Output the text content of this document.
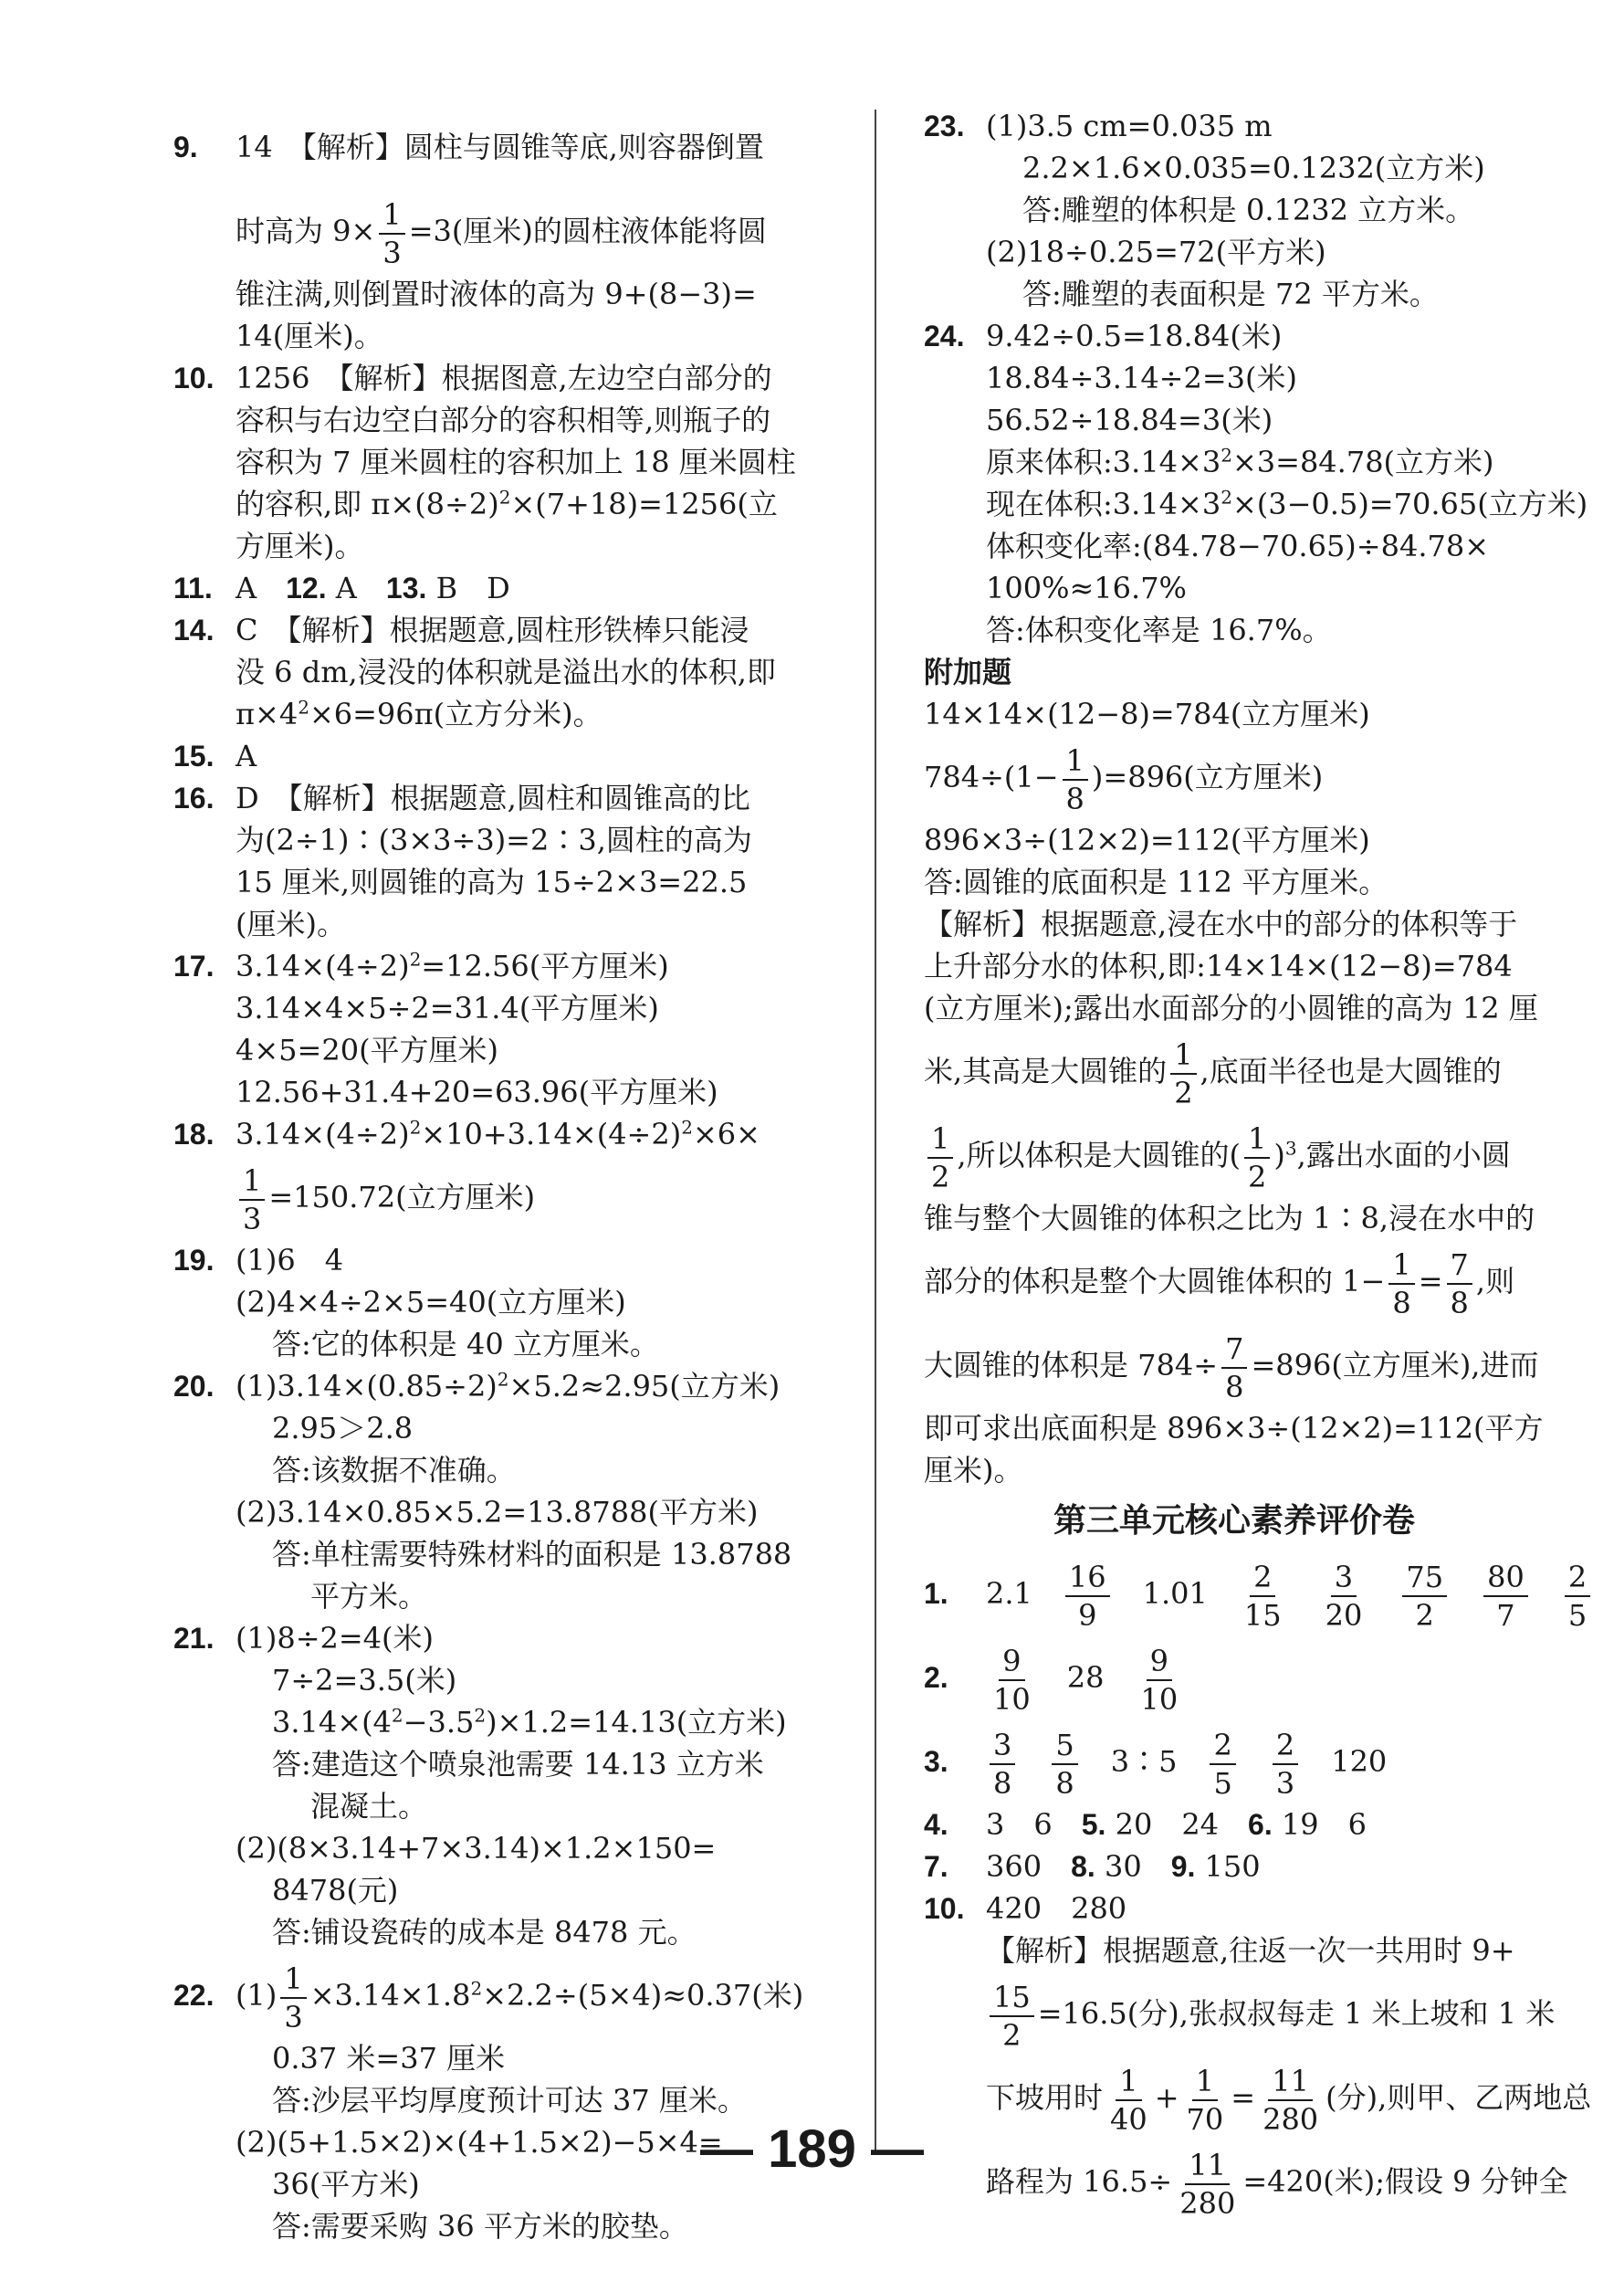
9. 14　【解析】圆柱与圆锥等底,则容器倒置
时高为 $9\times \frac{1}{3} =3$(厘米)的圆柱液体能将圆
锥注满,则倒置时液体的高为 9+(8−3)=
14(厘米)。
10. 1256　【解析】根据图意,左边空白部分的
容积与右边空白部分的容积相等,则瓶子的
容积为 7 厘米圆柱的容积加上 18 厘米圆柱
的容积,即 $\pi\times(8\div 2)^2\times(7+18)=1256$(立
方厘米)。
11. A　12. A　13. B　D
14. C　【解析】根据题意,圆柱形铁棒只能浸
没 6 dm,浸没的体积就是溢出水的体积,即
$\pi\times 4^2\times 6=96\pi$(立方分米)。
15. A
16. D　【解析】根据题意,圆柱和圆锥高的比
为(2÷1)∶(3×3÷3)=2∶3,圆柱的高为
15 厘米,则圆锥的高为 15÷2×3=22.5
(厘米)。
17. $3.14\times(4\div 2)^2=12.56$(平方厘米)
3.14×4×5÷2=31.4(平方厘米)
4×5=20(平方厘米)
12.56+31.4+20=63.96(平方厘米)
18. $3.14\times(4\div 2)^2\times 10+3.14\times(4\div 2)^2\times 6\times$
$\frac{1}{3} =150.72$(立方厘米)
19. (1)6　4
(2)4×4÷2×5=40(立方厘米)
答:它的体积是 40 立方厘米。
20. $(1)3.14\times(0.85\div 2)^2\times 5.2\approx 2.95$(立方米)
2.95＞2.8
答:该数据不准确。
(2)3.14×0.85×5.2=13.8788(平方米)
答:单柱需要特殊材料的面积是 13.8788
平方米。
21. (1)8÷2=4(米)
7÷2=3.5(米)
$3.14\times(4^2-3.5^2)\times 1.2=14.13$(立方米)
答:建造这个喷泉池需要 14.13 立方米
混凝土。
(2)(8×3.14+7×3.14)×1.2×150=
8478(元)
答:铺设瓷砖的成本是 8478 元。
22. $(1) \frac{1}{3} \times 3.14\times 1.8^2\times 2.2\div(5\times 4)\approx 0.37$(米)
0.37 米=37 厘米
答:沙层平均厚度预计可达 37 厘米。
(2)(5+1.5×2)×(4+1.5×2)−5×4=
36(平方米)
答:需要采购 36 平方米的胶垫。
23. (1)3.5 cm=0.035 m
2.2×1.6×0.035=0.1232(立方米)
答:雕塑的体积是 0.1232 立方米。
(2)18÷0.25=72(平方米)
答:雕塑的表面积是 72 平方米。
24. 9.42÷0.5=18.84(米)
18.84÷3.14÷2=3(米)
56.52÷18.84=3(米)
原来体积$:3.14\times 3^2\times 3=84.78$(立方米)
现在体积$:3.14\times 3^2\times(3-0.5)=70.65$(立方米)
体积变化率:(84.78−70.65)÷84.78×
100%≈16.7%
答:体积变化率是 16.7%。
附加题
14×14×(12−8)=784(立方厘米)
$784\div(1- \frac{1}{8} )=896$(立方厘米)
896×3÷(12×2)=112(平方厘米)
答:圆锥的底面积是 112 平方厘米。
【解析】根据题意,浸在水中的部分的体积等于
上升部分水的体积,即:14×14×(12−8)=784
(立方厘米);露出水面部分的小圆锥的高为 12 厘
米,其高是大圆锥的 $\frac{1}{2}$ ,底面半径也是大圆锥的
$\frac{1}{2}$ ,所以体积是大圆锥的( $\frac{1}{2} )^3$,露出水面的小圆
锥与整个大圆锥的体积之比为 1∶8,浸在水中的
部分的体积是整个大圆锥体积的 $1- \frac{1}{8} = \frac{7}{8}$ ,则
大圆锥的体积是 $784\div \frac{7}{8} =896$(立方厘米),进而
即可求出底面积是 896×3÷(12×2)=112(平方
厘米)。
第三单元核心素养评价卷
1. 2.1　 $\frac{16}{9}$ 　1.01　 $\frac{2}{15}$
　 $\frac{3}{20}$
　 $\frac{75}{2}$
　 $\frac{80}{7}$
　 $\frac{2}{5}$
2. $\frac{9}{10}$ 　28　 $\frac{9}{10}$
3. $\frac{3}{8}$
　 $\frac{5}{8}$ 　3∶5　 $\frac{2}{5}$
　 $\frac{2}{3}$ 　120
4. 3　6　5. 20　24　6. 19　6
7. 360　8. 30　9. 150
10. 420　280
【解析】根据题意,往返一次一共用时 9+
$\frac{15}{2} =16.5$(分),张叔叔每走 1 米上坡和 1 米
下坡用时 $\frac{1}{40} + \frac{1}{70} = \frac{11}{280}$ (分),则甲、乙两地总
路程为 $16.5\div \frac{11}{280} =420$(米);假设 9 分钟全
— 189 —
